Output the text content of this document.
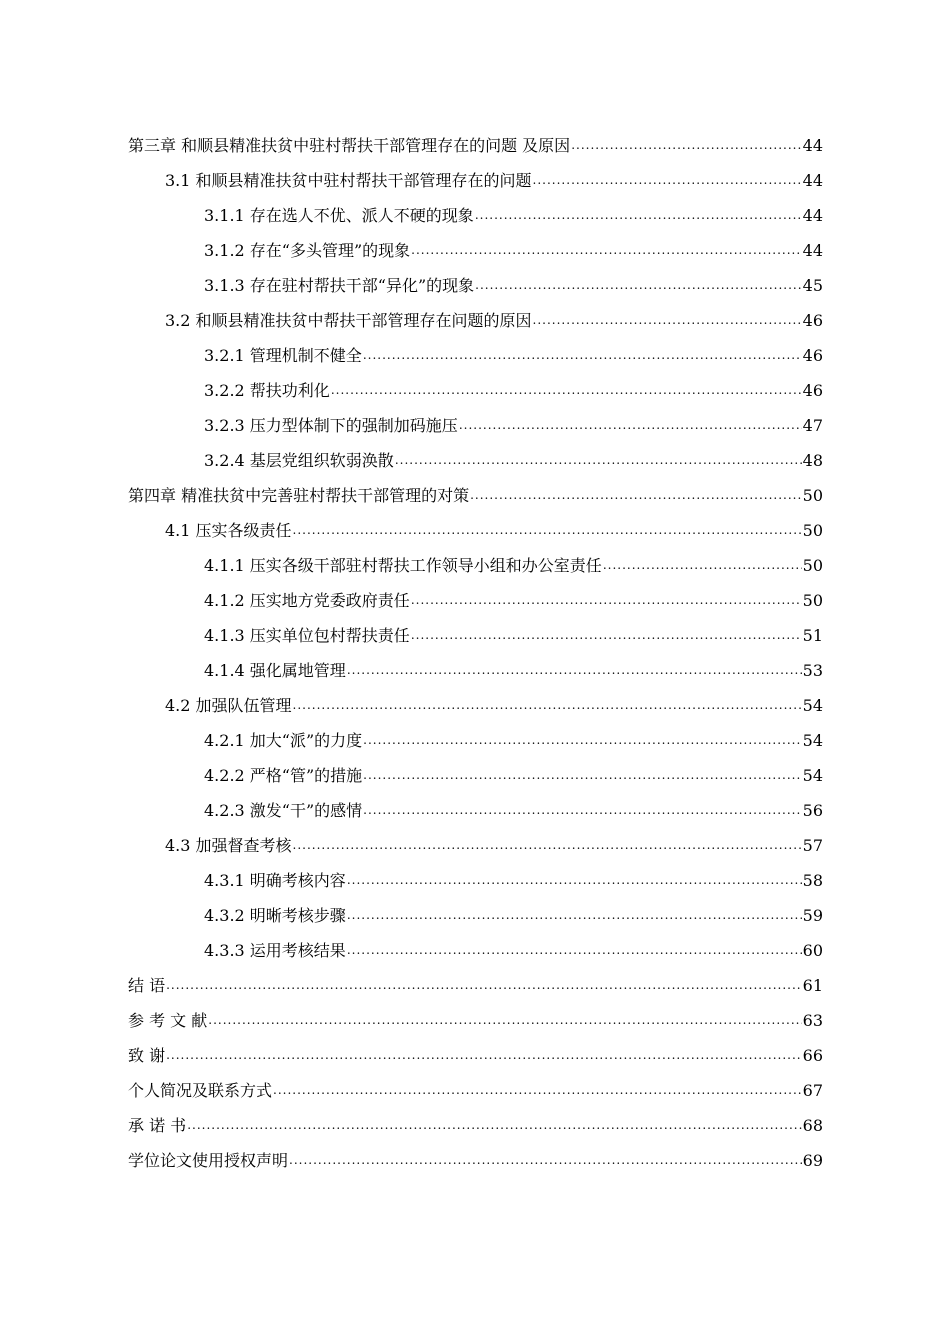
第三章 和顺县精准扶贫中驻村帮扶干部管理存在的问题 及原因 .....	44
3.1 和顺县精准扶贫中驻村帮扶干部管理存在的问题 .....	44
3.1.1 存在选人不优、派人不硬的现象 .....	44
3.1.2 存在“多头管理”的现象 .....	44
3.1.3 存在驻村帮扶干部“异化”的现象 .....	45
3.2 和顺县精准扶贫中帮扶干部管理存在问题的原因 .....	46
3.2.1 管理机制不健全 .....	46
3.2.2 帮扶功利化 .....	46
3.2.3 压力型体制下的强制加码施压 .....	47
3.2.4 基层党组织软弱涣散 .....	48
第四章 精准扶贫中完善驻村帮扶干部管理的对策 .....	50
4.1 压实各级责任 .....	50
4.1.1 压实各级干部驻村帮扶工作领导小组和办公室责任 .....	50
4.1.2 压实地方党委政府责任 .....	50
4.1.3 压实单位包村帮扶责任 .....	51
4.1.4 强化属地管理 .....	53
4.2 加强队伍管理 .....	54
4.2.1 加大“派”的力度 .....	54
4.2.2 严格“管”的措施 .....	54
4.2.3 激发“干”的感情 .....	56
4.3 加强督查考核 .....	57
4.3.1 明确考核内容 .....	58
4.3.2 明晰考核步骤 .....	59
4.3.3 运用考核结果 .....	60
结 语 .....	61
参 考 文 献 .....	63
致 谢 .....	66
个人简况及联系方式 .....	67
承 诺 书 .....	68
学位论文使用授权声明 .....	69
